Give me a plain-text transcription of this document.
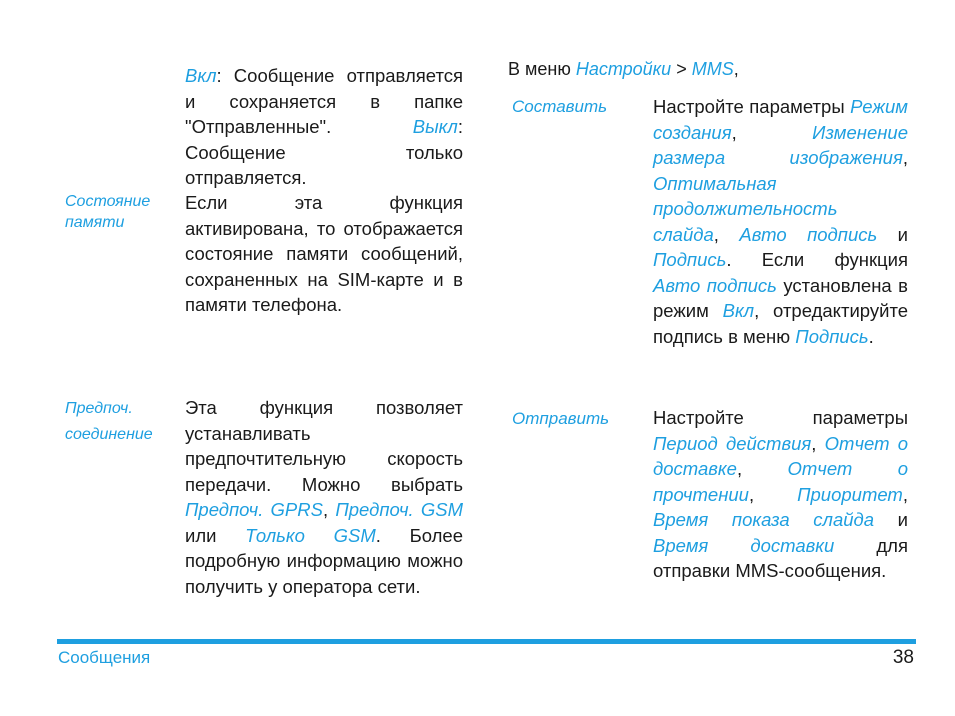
Вкл: Сообщение отправляется и сохраняется в папке "Отправленные".	Выкл: Сообщение только отправляется.
Состояние
памяти
Если эта функция активирована, то отображается состояние памяти сообщений, сохраненных на SIM-карте и в памяти телефона.
Предпоч.
соединение
Эта функция позволяет устанавливать предпочтительную скорость передачи. Можно выбрать Предпоч. GPRS, Предпоч. GSM или Только GSM. Более подробную информацию можно получить у оператора сети.
В меню Настройки > MMS,
Составить Настройте параметры Режим создания, Изменение размера изображения, Оптимальная продолжительность слайда, Авто подпись и Подпись. Если функция Авто подпись установлена в режим Вкл, отредактируйте подпись в меню Подпись.
Отправить Настройте параметры Период действия, Отчет о доставке, Отчет о прочтении, Приоритет, Время показа слайда и Время доставки для отправки MMS-сообщения.
Сообщения	38
